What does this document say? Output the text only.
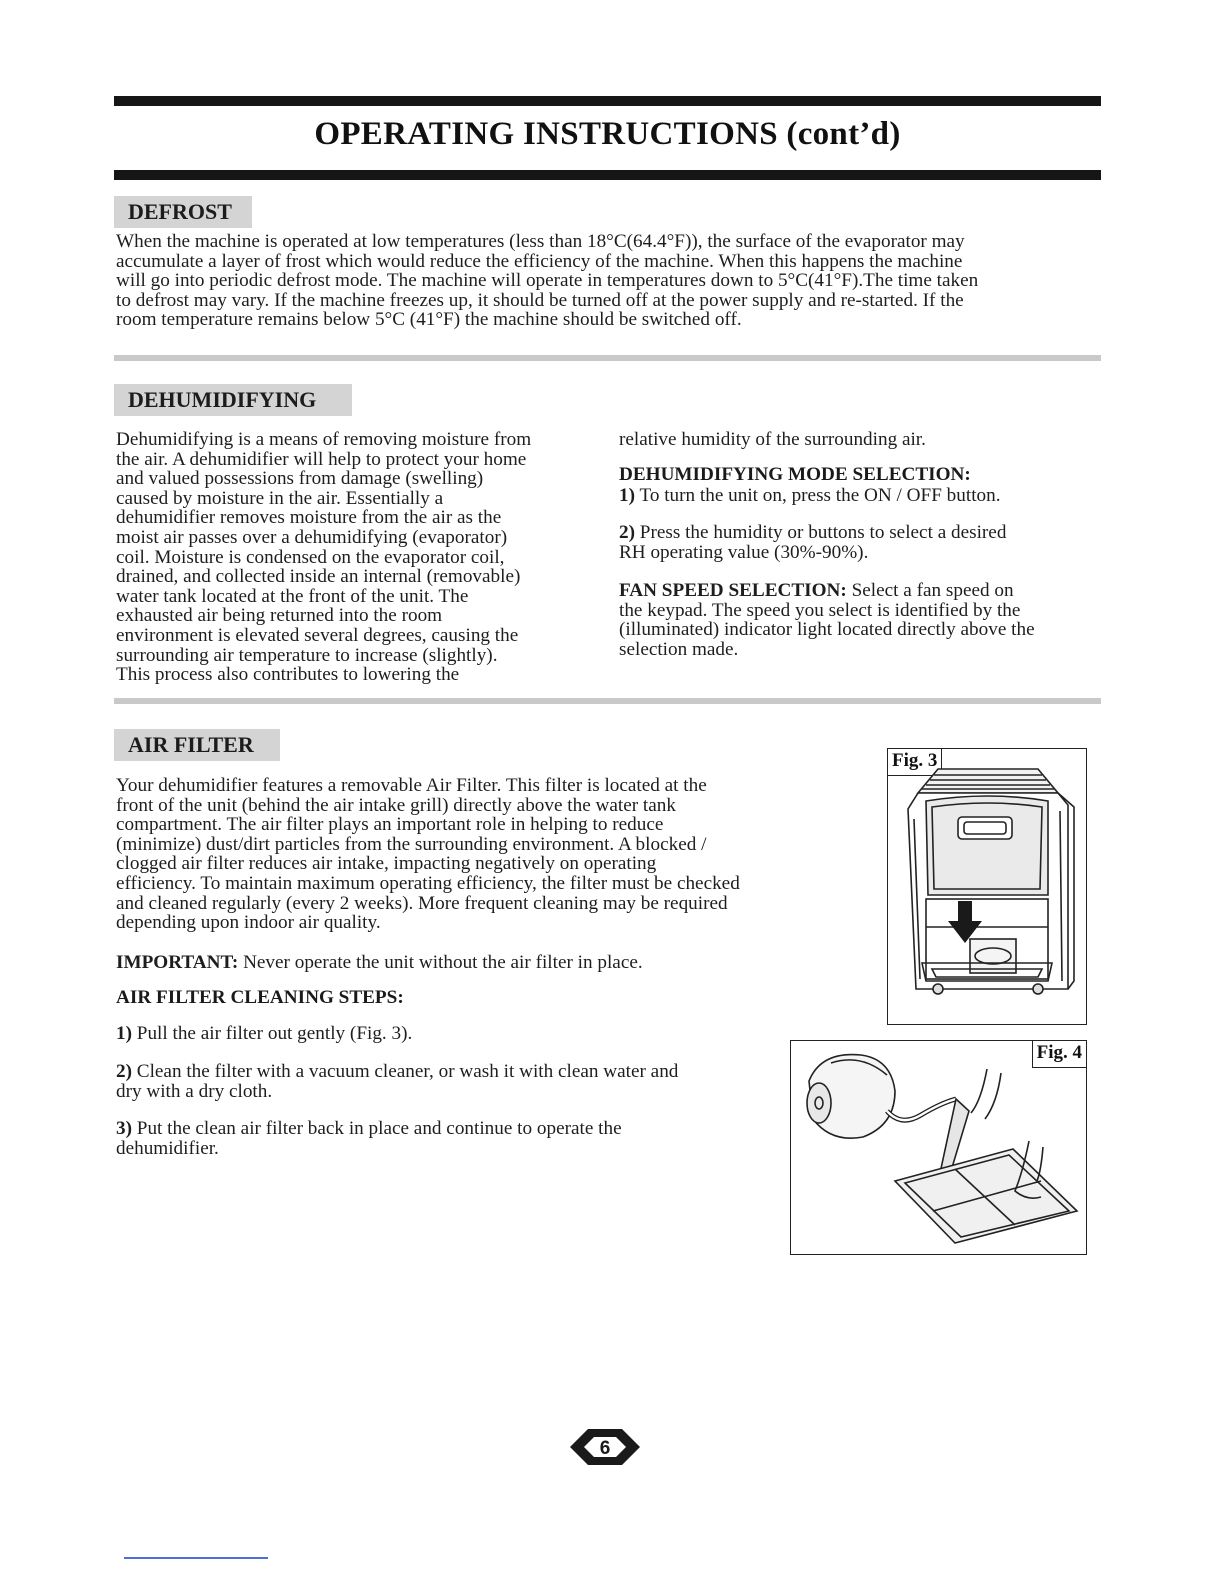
OPERATING INSTRUCTIONS (cont’d)
DEFROST
When the machine is operated at low temperatures (less than 18°C(64.4°F)), the surface of the evaporator may
accumulate a layer of frost which would reduce the efficiency of the machine. When this happens the machine
will go into periodic defrost mode. The machine will operate in temperatures down to 5°C(41°F).The time taken
to defrost may vary. If the machine freezes up, it should be turned off at the power supply and re-started. If the
room temperature remains below 5°C (41°F) the machine should be switched off.
DEHUMIDIFYING
Dehumidifying is a means of removing moisture from
the air. A dehumidifier will help to protect your home
and valued possessions from damage (swelling)
caused by moisture in the air. Essentially a
dehumidifier removes moisture from the air as the
moist air passes over a dehumidifying (evaporator)
coil. Moisture is condensed on the evaporator coil,
drained, and collected inside an internal (removable)
water tank located at the front of the unit. The
exhausted air being returned into the room
environment is elevated several degrees, causing the
surrounding air temperature to increase (slightly).
This process also contributes to lowering the
relative humidity of the surrounding air.
DEHUMIDIFYING MODE SELECTION:
1) To turn the unit on, press the ON / OFF button.
2) Press the humidity or buttons to select a desired
RH operating value (30%-90%).
FAN SPEED SELECTION: Select a fan speed on
the keypad. The speed you select is identified by the
(illuminated) indicator light located directly above the
selection made.
AIR FILTER
Your dehumidifier features a removable Air Filter. This filter is located at the
front of the unit (behind the air intake grill) directly above the water tank
compartment. The air filter plays an important role in helping to reduce
(minimize) dust/dirt particles from the surrounding environment. A blocked /
clogged air filter reduces air intake, impacting negatively on operating
efficiency. To maintain maximum operating efficiency, the filter must be checked
and cleaned regularly (every 2 weeks). More frequent cleaning may be required
depending upon indoor air quality.
IMPORTANT: Never operate the unit without the air filter in place.
AIR FILTER CLEANING STEPS:
1) Pull the air filter out gently (Fig. 3).
2) Clean the filter with a vacuum cleaner, or wash it with clean water and
dry with a dry cloth.
3) Put the clean air filter back in place and continue to operate the
dehumidifier.
Fig. 3
Fig. 4
6
